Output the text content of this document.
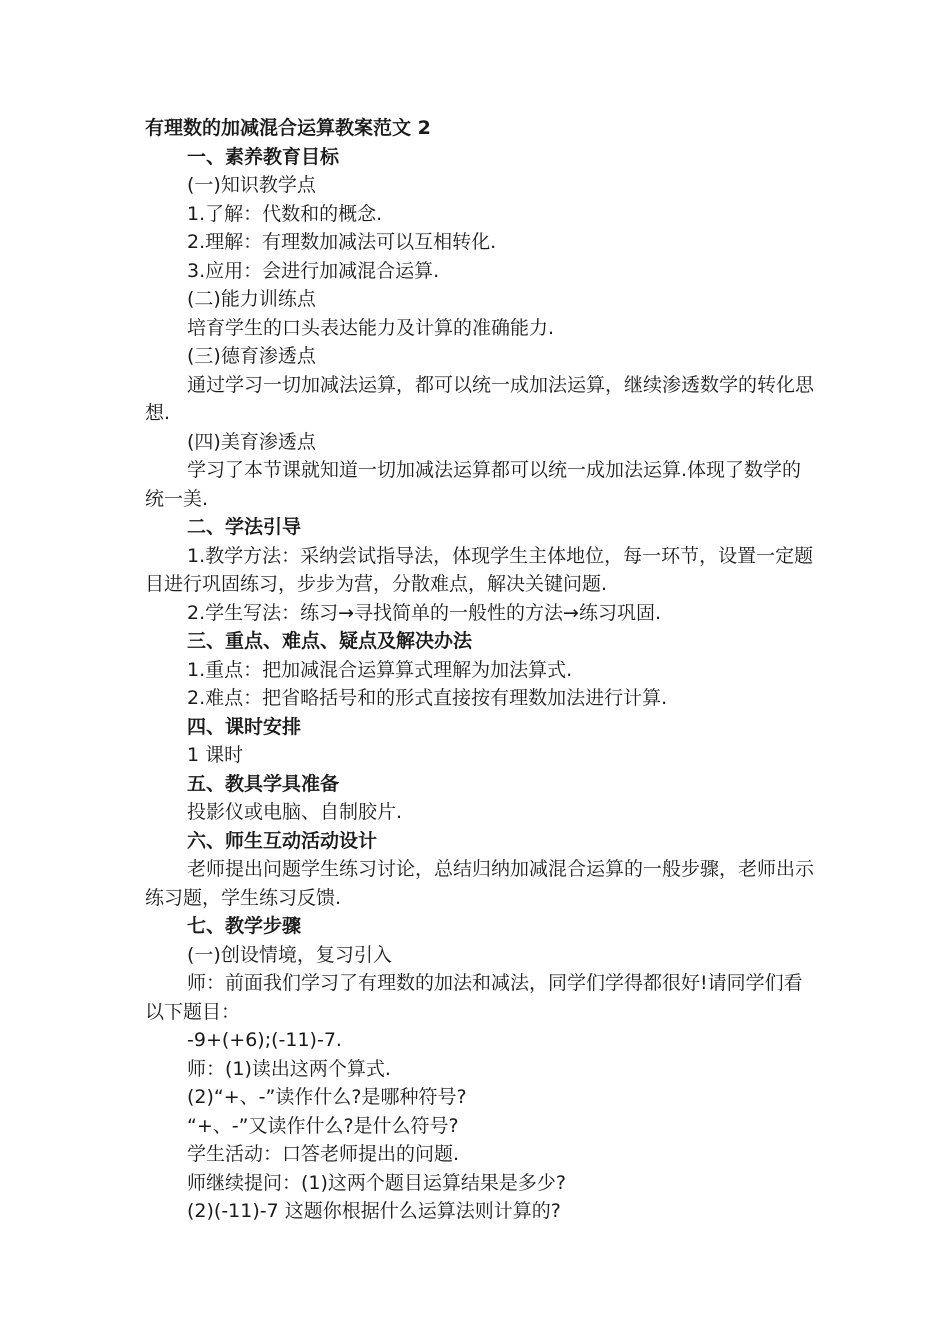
有理数的加减混合运算教案范文 2
一、素养教育目标
(一)知识教学点
1.了解：代数和的概念.
2.理解：有理数加减法可以互相转化.
3.应用：会进行加减混合运算.
(二)能力训练点
培育学生的口头表达能力及计算的准确能力.
(三)德育渗透点
通过学习一切加减法运算，都可以统一成加法运算，继续渗透数学的转化思想.
(四)美育渗透点
学习了本节课就知道一切加减法运算都可以统一成加法运算.体现了数学的统一美.
二、学法引导
1.教学方法：采纳尝试指导法，体现学生主体地位，每一环节，设置一定题目进行巩固练习，步步为营，分散难点，解决关键问题.
2.学生写法：练习→寻找简单的一般性的方法→练习巩固.
三、重点、难点、疑点及解决办法
1.重点：把加减混合运算算式理解为加法算式.
2.难点：把省略括号和的形式直接按有理数加法进行计算.
四、课时安排
1 课时
五、教具学具准备
投影仪或电脑、自制胶片.
六、师生互动活动设计
老师提出问题学生练习讨论，总结归纳加减混合运算的一般步骤，老师出示练习题，学生练习反馈.
七、教学步骤
(一)创设情境，复习引入
师：前面我们学习了有理数的加法和减法，同学们学得都很好!请同学们看以下题目：
-9+(+6);(-11)-7.
师：(1)读出这两个算式.
(2)“+、-”读作什么?是哪种符号?
“+、-”又读作什么?是什么符号?
学生活动：口答老师提出的问题.
师继续提问：(1)这两个题目运算结果是多少?
(2)(-11)-7 这题你根据什么运算法则计算的?
